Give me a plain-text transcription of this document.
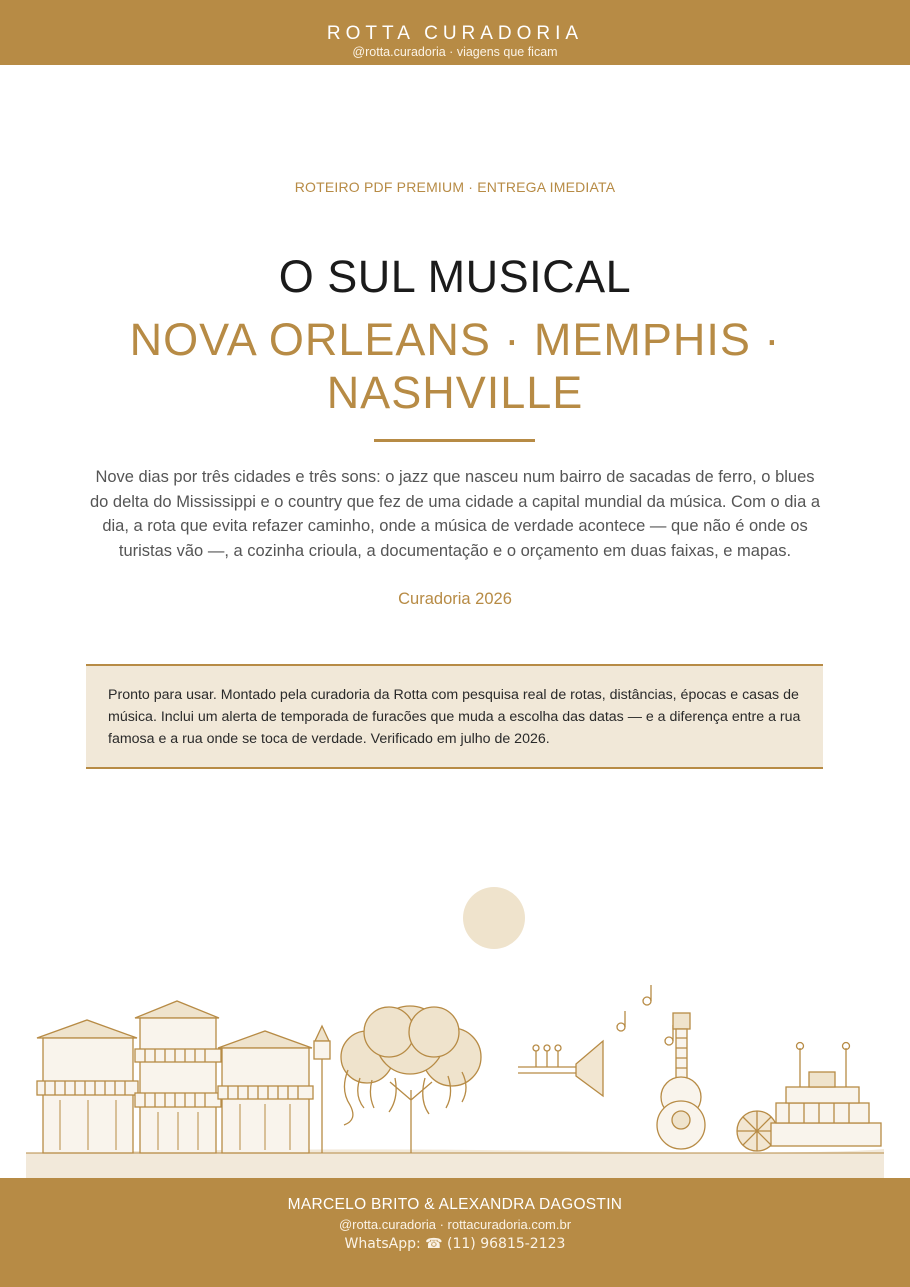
ROTTA CURADORIA
@rotta.curadoria · viagens que ficam
ROTEIRO PDF PREMIUM · ENTREGA IMEDIATA
O SUL MUSICAL
NOVA ORLEANS · MEMPHIS · NASHVILLE
Nove dias por três cidades e três sons: o jazz que nasceu num bairro de sacadas de ferro, o blues do delta do Mississippi e o country que fez de uma cidade a capital mundial da música. Com o dia a dia, a rota que evita refazer caminho, onde a música de verdade acontece — que não é onde os turistas vão —, a cozinha crioula, a documentação e o orçamento em duas faixas, e mapas.
Curadoria 2026
Pronto para usar. Montado pela curadoria da Rotta com pesquisa real de rotas, distâncias, épocas e casas de música. Inclui um alerta de temporada de furacões que muda a escolha das datas — e a diferença entre a rua famosa e a rua onde se toca de verdade. Verificado em julho de 2026.
MARCELO BRITO & ALEXANDRA DAGOSTIN
@rotta.curadoria · rottacuradoria.com.br
WhatsApp: ☎ (11) 96815-2123
